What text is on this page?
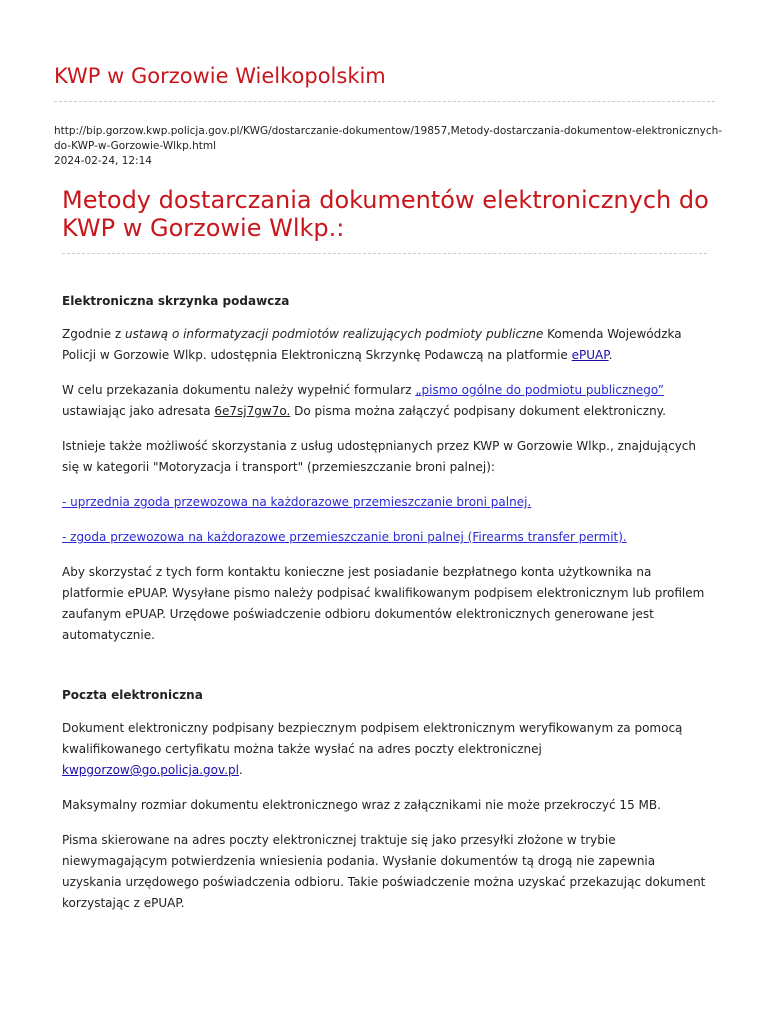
KWP w Gorzowie Wielkopolskim
http://bip.gorzow.kwp.policja.gov.pl/KWG/dostarczanie-dokumentow/19857,Metody-dostarczania-dokumentow-elektronicznych-do-KWP-w-Gorzowie-Wlkp.html
2024-02-24, 12:14
Metody dostarczania dokumentów elektronicznych do KWP w Gorzowie Wlkp.:
Elektroniczna skrzynka podawcza

Zgodnie z ustawą o informatyzacji podmiotów realizujących podmioty publiczne Komenda Wojewódzka Policji w Gorzowie Wlkp. udostępnia Elektroniczną Skrzynkę Podawczą na platformie ePUAP.

W celu przekazania dokumentu należy wypełnić formularz „pismo ogólne do podmiotu publicznego” ustawiając jako adresata 6e7sj7gw7o. Do pisma można załączyć podpisany dokument elektroniczny.

Istnieje także możliwość skorzystania z usług udostępnianych przez KWP w Gorzowie Wlkp., znajdujących się w kategorii "Motoryzacja i transport" (przemieszczanie broni palnej):

- uprzednia zgoda przewozowa na każdorazowe przemieszczanie broni palnej.

- zgoda przewozowa na każdorazowe przemieszczanie broni palnej (Firearms transfer permit).

Aby skorzystać z tych form kontaktu konieczne jest posiadanie bezpłatnego konta użytkownika na platformie ePUAP. Wysyłane pismo należy podpisać kwalifikowanym podpisem elektronicznym lub profilem zaufanym ePUAP. Urzędowe poświadczenie odbioru dokumentów elektronicznych generowane jest automatycznie.

Poczta elektroniczna

Dokument elektroniczny podpisany bezpiecznym podpisem elektronicznym weryfikowanym za pomocą kwalifikowanego certyfikatu można także wysłać na adres poczty elektronicznej kwpgorzow@go.policja.gov.pl.

Maksymalny rozmiar dokumentu elektronicznego wraz z załącznikami nie może przekroczyć 15 MB.

Pisma skierowane na adres poczty elektronicznej traktuje się jako przesyłki złożone w trybie niewymagającym potwierdzenia wniesienia podania. Wysłanie dokumentów tą drogą nie zapewnia uzyskania urzędowego poświadczenia odbioru. Takie poświadczenie można uzyskać przekazując dokument korzystając z ePUAP.
